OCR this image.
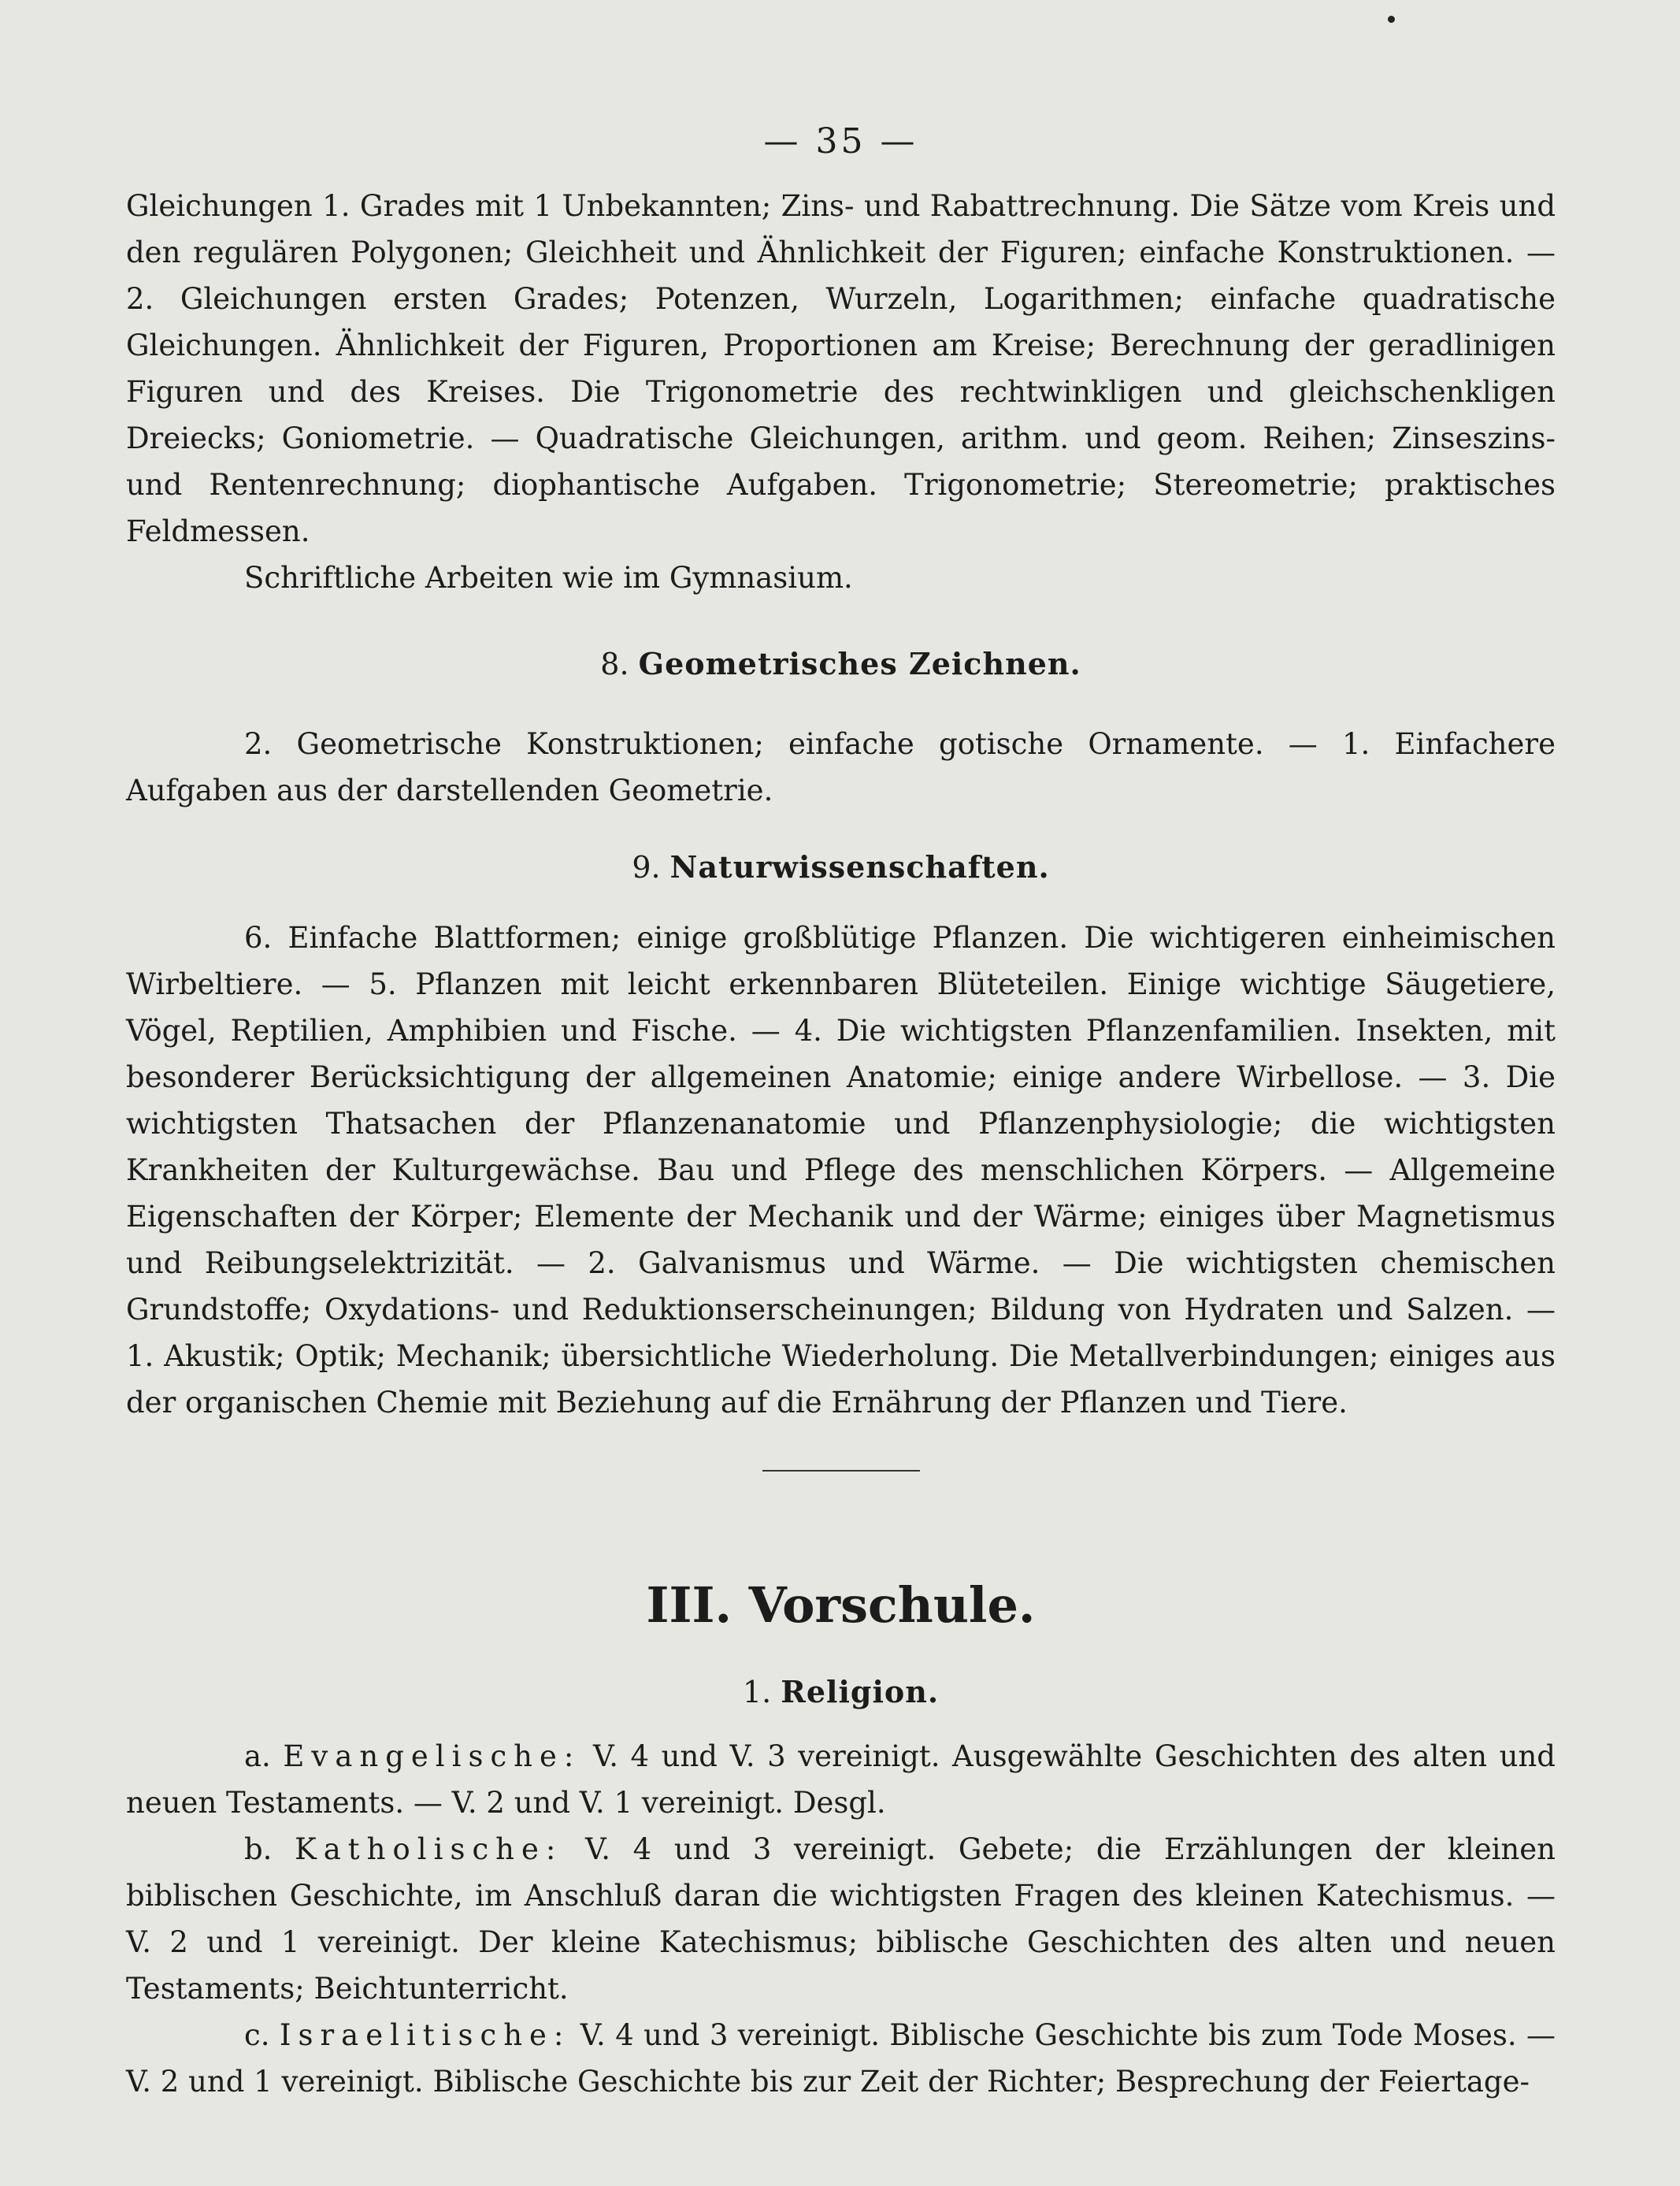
— 35 —

Gleichungen 1. Grades mit 1 Unbekannten; Zins- und Rabattrechnung. Die Sätze vom Kreis und den regulären Polygonen; Gleichheit und Ähnlichkeit der Figuren; einfache Konstruktionen. — 2. Gleichungen ersten Grades; Potenzen, Wurzeln, Logarithmen; einfache quadratische Gleichungen. Ähnlichkeit der Figuren, Proportionen am Kreise; Berechnung der geradlinigen Figuren und des Kreises. Die Trigonometrie des rechtwinkligen und gleichschenkligen Dreiecks; Goniometrie. — Quadratische Gleichungen, arithm. und geom. Reihen; Zinseszins- und Rentenrechnung; diophantische Aufgaben. Trigonometrie; Stereometrie; praktisches Feldmessen.

Schriftliche Arbeiten wie im Gymnasium.

8. Geometrisches Zeichnen.

2. Geometrische Konstruktionen; einfache gotische Ornamente. — 1. Einfachere Aufgaben aus der darstellenden Geometrie.

9. Naturwissenschaften.

6. Einfache Blattformen; einige großblütige Pflanzen. Die wichtigeren einheimischen Wirbeltiere. — 5. Pflanzen mit leicht erkennbaren Blüteteilen. Einige wichtige Säugetiere, Vögel, Reptilien, Amphibien und Fische. — 4. Die wichtigsten Pflanzenfamilien. Insekten, mit besonderer Berücksichtigung der allgemeinen Anatomie; einige andere Wirbellose. — 3. Die wichtigsten Thatsachen der Pflanzenanatomie und Pflanzenphysiologie; die wichtigsten Krankheiten der Kulturgewächse. Bau und Pflege des menschlichen Körpers. — Allgemeine Eigenschaften der Körper; Elemente der Mechanik und der Wärme; einiges über Magnetismus und Reibungselektrizität. — 2. Galvanismus und Wärme. — Die wichtigsten chemischen Grundstoffe; Oxydations- und Reduktionserscheinungen; Bildung von Hydraten und Salzen. — 1. Akustik; Optik; Mechanik; übersichtliche Wiederholung. Die Metallverbindungen; einiges aus der organischen Chemie mit Beziehung auf die Ernährung der Pflanzen und Tiere.

III. Vorschule.
1. Religion.

a. Evangelische: V. 4 und V. 3 vereinigt. Ausgewählte Geschichten des alten und neuen Testaments. — V. 2 und V. 1 vereinigt. Desgl.

b. Katholische: V. 4 und 3 vereinigt. Gebete; die Erzählungen der kleinen biblischen Geschichte, im Anschluß daran die wichtigsten Fragen des kleinen Katechismus. — V. 2 und 1 vereinigt. Der kleine Katechismus; biblische Geschichten des alten und neuen Testaments; Beichtunterricht.

c. Israelitische: V. 4 und 3 vereinigt. Biblische Geschichte bis zum Tode Moses. — V. 2 und 1 vereinigt. Biblische Geschichte bis zur Zeit der Richter; Besprechung der Feiertage-
